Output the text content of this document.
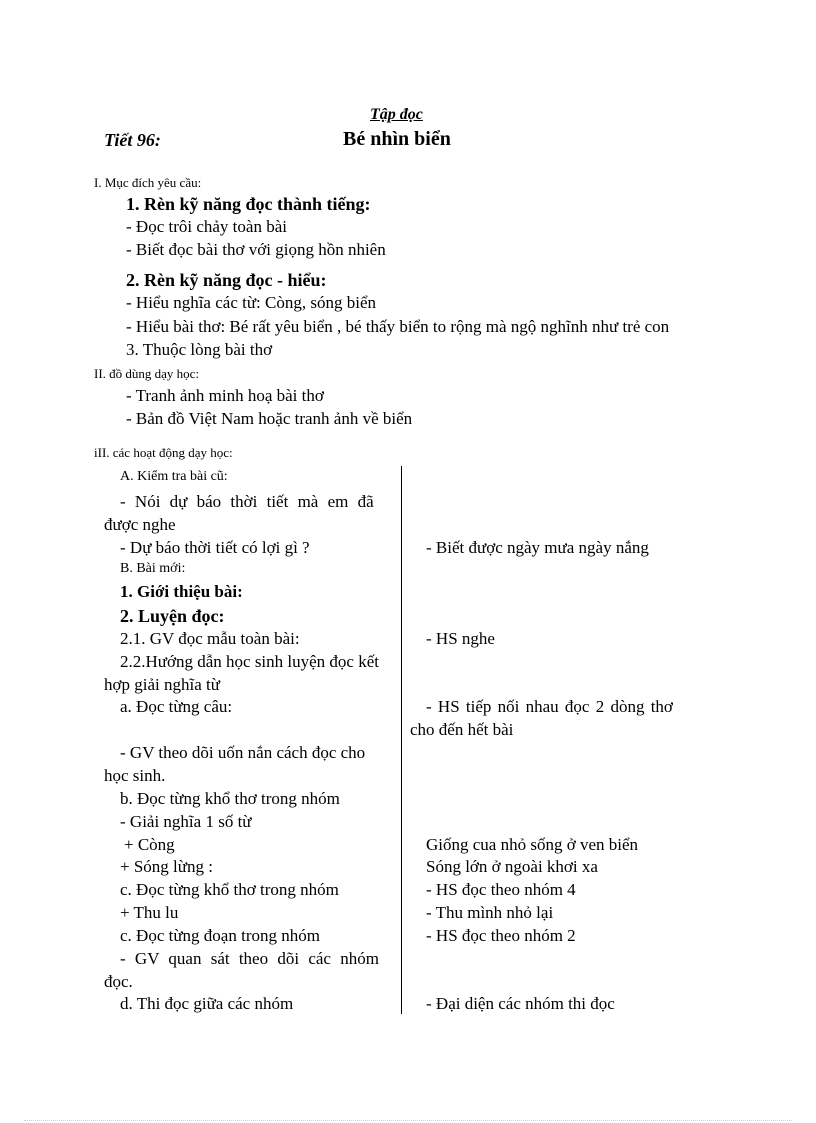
Tập đọc
Tiết 96:	Bé nhìn biển
I. Mục đích yêu cầu:
1. Rèn kỹ năng đọc thành tiếng:
- Đọc trôi chảy toàn bài
- Biết đọc bài thơ với giọng hồn nhiên
2. Rèn kỹ năng đọc - hiểu:
- Hiểu nghĩa các từ: Còng, sóng biển
- Hiểu bài thơ: Bé rất yêu biển , bé thấy biển to rộng mà ngộ nghĩnh như trẻ con
3. Thuộc lòng bài thơ
II. đồ dùng dạy học:
- Tranh ảnh minh hoạ bài thơ
- Bản đồ Việt Nam hoặc tranh ảnh về biển
iII. các hoạt động dạy học:
A. Kiểm tra bài cũ:
- Nói dự báo thời tiết mà em đã
được nghe
- Dự báo thời tiết có lợi gì ?
B. Bài mới:
1. Giới thiệu bài:
2. Luyện đọc:
2.1. GV đọc mẫu toàn bài:
2.2.Hướng dẫn học sinh luyện đọc kết
hợp giải nghĩa từ
a. Đọc từng câu:
- GV theo dõi uốn nắn cách đọc cho
học sinh.
b. Đọc từng khổ thơ trong nhóm
- Giải nghĩa 1 số từ
+ Còng
+ Sóng lừng :
c. Đọc từng khổ thơ trong nhóm
+ Thu lu
c. Đọc từng đoạn trong nhóm
- GV quan sát theo dõi các nhóm
đọc.
d. Thi đọc giữa các nhóm
- Biết được ngày mưa ngày nắng
- HS nghe
- HS tiếp nối nhau đọc 2 dòng thơ
cho đến hết bài
Giống cua nhỏ sống ở ven biển
Sóng lớn ở ngoài khơi xa
- HS đọc theo nhóm 4
- Thu mình nhỏ lại
- HS đọc theo nhóm 2
- Đại diện các nhóm thi đọc
